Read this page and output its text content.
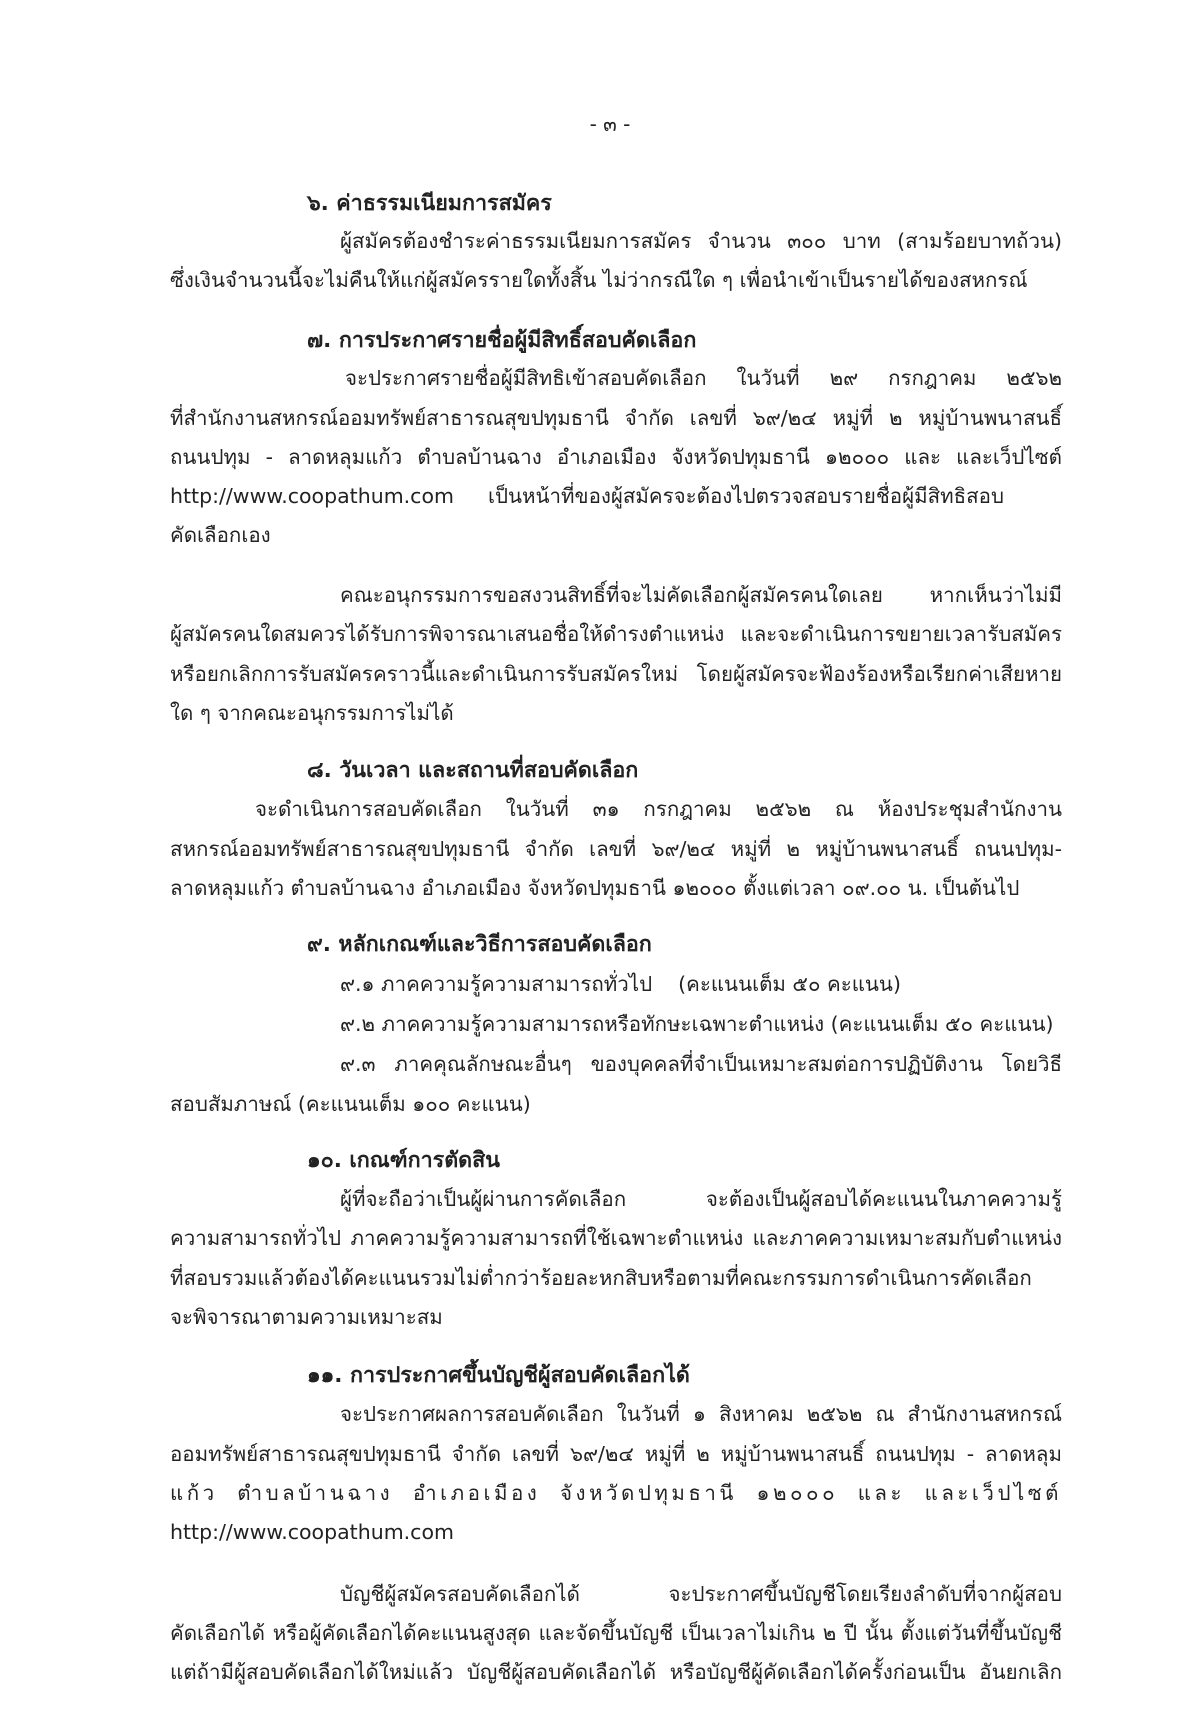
- ๓ -
๖. ค่าธรรมเนียมการสมัคร
ผู้สมัครต้องชำระค่าธรรมเนียมการสมัคร จำนวน ๓๐๐ บาท (สามร้อยบาทถ้วน)
ซึ่งเงินจำนวนนี้จะไม่คืนให้แก่ผู้สมัครรายใดทั้งสิ้น ไม่ว่ากรณีใด ๆ เพื่อนำเข้าเป็นรายได้ของสหกรณ์
๗. การประกาศรายชื่อผู้มีสิทธิ์สอบคัดเลือก
จะประกาศรายชื่อผู้มีสิทธิเข้าสอบคัดเลือก ในวันที่ ๒๙ กรกฎาคม ๒๕๖๒
ที่สำนักงานสหกรณ์ออมทรัพย์สาธารณสุขปทุมธานี จำกัด เลขที่ ๖๙/๒๔ หมู่ที่ ๒ หมู่บ้านพนาสนธิ์
ถนนปทุม - ลาดหลุมแก้ว ตำบลบ้านฉาง อำเภอเมือง จังหวัดปทุมธานี ๑๒๐๐๐ และ และเว็ปไซต์
http://www.coopathum.com เป็นหน้าที่ของผู้สมัครจะต้องไปตรวจสอบรายชื่อผู้มีสิทธิสอบ
คัดเลือกเอง
คณะอนุกรรมการขอสงวนสิทธิ์ที่จะไม่คัดเลือกผู้สมัครคนใดเลย หากเห็นว่าไม่มี
ผู้สมัครคนใดสมควรได้รับการพิจารณาเสนอชื่อให้ดำรงตำแหน่ง และจะดำเนินการขยายเวลารับสมัคร
หรือยกเลิกการรับสมัครคราวนี้และดำเนินการรับสมัครใหม่ โดยผู้สมัครจะฟ้องร้องหรือเรียกค่าเสียหาย
ใด ๆ จากคณะอนุกรรมการไม่ได้
๘. วันเวลา และสถานที่สอบคัดเลือก
จะดำเนินการสอบคัดเลือก ในวันที่ ๓๑ กรกฎาคม ๒๕๖๒ ณ ห้องประชุมสำนักงาน
สหกรณ์ออมทรัพย์สาธารณสุขปทุมธานี จำกัด เลขที่ ๖๙/๒๔ หมู่ที่ ๒ หมู่บ้านพนาสนธิ์ ถนนปทุม-
ลาดหลุมแก้ว ตำบลบ้านฉาง อำเภอเมือง จังหวัดปทุมธานี ๑๒๐๐๐ ตั้งแต่เวลา ๐๙.๐๐ น. เป็นต้นไป
๙. หลักเกณฑ์และวิธีการสอบคัดเลือก
๙.๑ ภาคความรู้ความสามารถทั่วไป (คะแนนเต็ม ๕๐ คะแนน)
๙.๒ ภาคความรู้ความสามารถหรือทักษะเฉพาะตำแหน่ง (คะแนนเต็ม ๕๐ คะแนน)
๙.๓ ภาคคุณลักษณะอื่นๆ ของบุคคลที่จำเป็นเหมาะสมต่อการปฏิบัติงาน โดยวิธี
สอบสัมภาษณ์ (คะแนนเต็ม ๑๐๐ คะแนน)
๑๐. เกณฑ์การตัดสิน
ผู้ที่จะถือว่าเป็นผู้ผ่านการคัดเลือก จะต้องเป็นผู้สอบได้คะแนนในภาคความรู้
ความสามารถทั่วไป ภาคความรู้ความสามารถที่ใช้เฉพาะตำแหน่ง และภาคความเหมาะสมกับตำแหน่ง
ที่สอบรวมแล้วต้องได้คะแนนรวมไม่ต่ำกว่าร้อยละหกสิบหรือตามที่คณะกรรมการดำเนินการคัดเลือก
จะพิจารณาตามความเหมาะสม
๑๑. การประกาศขึ้นบัญชีผู้สอบคัดเลือกได้
จะประกาศผลการสอบคัดเลือก ในวันที่ ๑ สิงหาคม ๒๕๖๒ ณ สำนักงานสหกรณ์
ออมทรัพย์สาธารณสุขปทุมธานี จำกัด เลขที่ ๖๙/๒๔ หมู่ที่ ๒ หมู่บ้านพนาสนธิ์ ถนนปทุม - ลาดหลุม
แก้ว ตำบลบ้านฉาง อำเภอเมือง จังหวัดปทุมธานี ๑๒๐๐๐ และ และเว็ปไซต์
http://www.coopathum.com
บัญชีผู้สมัครสอบคัดเลือกได้ จะประกาศขึ้นบัญชีโดยเรียงลำดับที่จากผู้สอบ
คัดเลือกได้ หรือผู้คัดเลือกได้คะแนนสูงสุด และจัดขึ้นบัญชี เป็นเวลาไม่เกิน ๒ ปี นั้น ตั้งแต่วันที่ขึ้นบัญชี
แต่ถ้ามีผู้สอบคัดเลือกได้ใหม่แล้ว บัญชีผู้สอบคัดเลือกได้ หรือบัญชีผู้คัดเลือกได้ครั้งก่อนเป็น อันยกเลิก
